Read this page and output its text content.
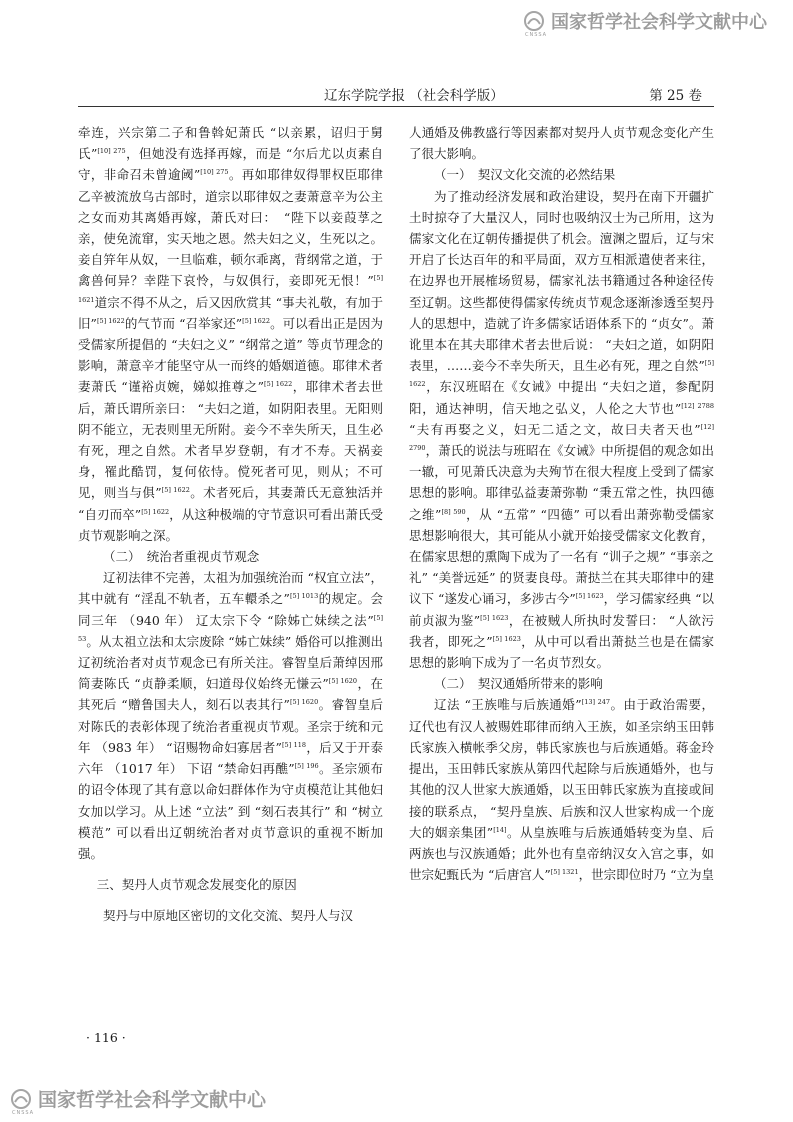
CNSSA
国家哲学社会科学文献中心
辽东学院学报 （社会科学版）	第 25 卷

牵连，兴宗第二子和鲁斡妃萧氏 “以亲累，诏归于舅氏”$^{[10] 275}$，但她没有选择再嫁，而是 “尔后尤以贞素自守，非命召未曾逾阈”$^{[10] 275}$。再如耶律奴得罪权臣耶律乙辛被流放乌古部时，道宗以耶律奴之妻萧意辛为公主之女而劝其离婚再嫁，萧氏对曰：　“陛下以妾葭莩之亲，使免流窜，实天地之恩。然夫妇之义，生死以之。妾自笄年从奴，一旦临难，顿尔乖离，背纲常之道，于禽兽何异？幸陛下哀怜，与奴俱行，妾即死无恨！”$^{[5] 1621}$道宗不得不从之，后又因欣赏其 “事夫礼敬，有加于旧”$^{[5] 1622}$的气节而 “召举家还”$^{[5] 1622}$。可以看出正是因为受儒家所提倡的 “夫妇之义” “纲常之道” 等贞节理念的影响，萧意辛才能坚守从一而终的婚姻道德。耶律术者妻萧氏 “谨裕贞婉，娣姒推尊之”$^{[5] 1622}$，耶律术者去世后，萧氏谓所亲曰： “夫妇之道，如阴阳表里。无阳则阴不能立，无表则里无所附。妾今不幸失所天，且生必有死，理之自然。术者早岁登朝，有才不寿。天祸妾身，罹此酷罚，复何依恃。傥死者可见，则从；不可见，则当与俱”$^{[5] 1622}$。术者死后，其妻萧氏无意独活并 “自刃而卒”$^{[5] 1622}$，从这种极端的守节意识可看出萧氏受贞节观影响之深。

（二）　统治者重视贞节观念

辽初法律不完善，太祖为加强统治而 “权宜立法”，其中就有 “淫乱不轨者，五车轘杀之”$^{[5] 1013}$的规定。会同三年 （940 年） 辽太宗下令 “除姊亡妹续之法”$^{[5] 53}$。从太祖立法和太宗废除 “姊亡妹续” 婚俗可以推测出辽初统治者对贞节观念已有所关注。睿智皇后萧绰因邢简妻陈氏 “贞静柔顺，妇道母仪始终无慊云”$^{[5] 1620}$，在其死后 “赠鲁国夫人，刻石以表其行”$^{[5] 1620}$。睿智皇后对陈氏的表彰体现了统治者重视贞节观。圣宗于统和元年 （983 年） “诏赐物命妇寡居者”$^{[5] 118}$，后又于开泰六年 （1017 年） 下诏 “禁命妇再醮”$^{[5] 196}$。圣宗颁布的诏令体现了其有意以命妇群体作为守贞模范让其他妇女加以学习。从上述 “立法” 到 “刻石表其行” 和 “树立模范” 可以看出辽朝统治者对贞节意识的重视不断加强。

三、契丹人贞节观念发展变化的原因

契丹与中原地区密切的文化交流、契丹人与汉

人通婚及佛教盛行等因素都对契丹人贞节观念变化产生了很大影响。

（一）　契汉文化交流的必然结果

为了推动经济发展和政治建设，契丹在南下开疆扩土时掠夺了大量汉人，同时也吸纳汉士为己所用，这为儒家文化在辽朝传播提供了机会。澶渊之盟后，辽与宋开启了长达百年的和平局面，双方互相派遣使者来往，在边界也开展榷场贸易，儒家礼法书籍通过各种途径传至辽朝。这些都使得儒家传统贞节观念逐渐渗透至契丹人的思想中，造就了许多儒家话语体系下的 “贞女”。萧讹里本在其夫耶律术者去世后说： “夫妇之道，如阴阳表里，……妾今不幸失所天，且生必有死，理之自然”$^{[5] 1622}$，东汉班昭在《女诫》中提出 “夫妇之道，参配阴阳，通达神明，信天地之弘义，人伦之大节也”$^{[12] 2788}$ “夫有再娶之义，妇无二适之文，故曰夫者天也”$^{[12] 2790}$，萧氏的说法与班昭在《女诫》中所提倡的观念如出一辙，可见萧氏决意为夫殉节在很大程度上受到了儒家思想的影响。耶律弘益妻萧弥勒 “秉五常之性，执四德之维”$^{[8] 590}$，从 “五常” “四德” 可以看出萧弥勒受儒家思想影响很大，其可能从小就开始接受儒家文化教育，在儒家思想的熏陶下成为了一名有 “训子之规” “事亲之礼” “美誉远延” 的贤妻良母。萧挞兰在其夫耶律中的建议下 “遂发心诵习，多涉古今”$^{[5] 1623}$，学习儒家经典 “以前贞淑为鉴”$^{[5] 1623}$，在被贼人所执时发誓曰： “人欲污我者，即死之”$^{[5] 1623}$，从中可以看出萧挞兰也是在儒家思想的影响下成为了一名贞节烈女。

（二）　契汉通婚所带来的影响

辽法 “王族唯与后族通婚”$^{[13] 247}$。由于政治需要，辽代也有汉人被赐姓耶律而纳入王族，如圣宗纳玉田韩氏家族入横帐季父房，韩氏家族也与后族通婚。蒋金玲提出，玉田韩氏家族从第四代起除与后族通婚外，也与其他的汉人世家大族通婚，以玉田韩氏家族为直接或间接的联系点， “契丹皇族、后族和汉人世家构成一个庞大的姻亲集团”[14]。从皇族唯与后族通婚转变为皇、后两族也与汉族通婚；此外也有皇帝纳汉女入宫之事，如世宗妃甄氏为 “后唐宫人”$^{[5] 1321}$，世宗即位时乃 “立为皇

· 116 ·
CNSSA
国家哲学社会科学文献中心
